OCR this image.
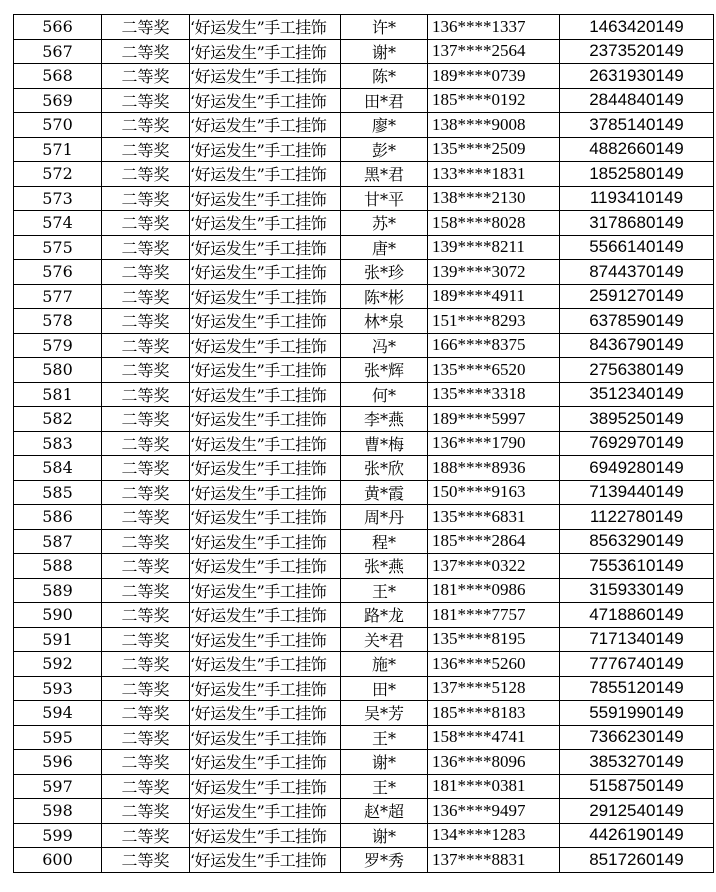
566	二等奖	‘好运发生”手工挂饰	许*	136****1337	1463420149
567	二等奖	‘好运发生”手工挂饰	谢*	137****2564	2373520149
568	二等奖	‘好运发生”手工挂饰	陈*	189****0739	2631930149
569	二等奖	‘好运发生”手工挂饰	田*君	185****0192	2844840149
570	二等奖	‘好运发生”手工挂饰	廖*	138****9008	3785140149
571	二等奖	‘好运发生”手工挂饰	彭*	135****2509	4882660149
572	二等奖	‘好运发生”手工挂饰	黑*君	133****1831	1852580149
573	二等奖	‘好运发生”手工挂饰	甘*平	138****2130	1193410149
574	二等奖	‘好运发生”手工挂饰	苏*	158****8028	3178680149
575	二等奖	‘好运发生”手工挂饰	唐*	139****8211	5566140149
576	二等奖	‘好运发生”手工挂饰	张*珍	139****3072	8744370149
577	二等奖	‘好运发生”手工挂饰	陈*彬	189****4911	2591270149
578	二等奖	‘好运发生”手工挂饰	林*泉	151****8293	6378590149
579	二等奖	‘好运发生”手工挂饰	冯*	166****8375	8436790149
580	二等奖	‘好运发生”手工挂饰	张*辉	135****6520	2756380149
581	二等奖	‘好运发生”手工挂饰	何*	135****3318	3512340149
582	二等奖	‘好运发生”手工挂饰	李*燕	189****5997	3895250149
583	二等奖	‘好运发生”手工挂饰	曹*梅	136****1790	7692970149
584	二等奖	‘好运发生”手工挂饰	张*欣	188****8936	6949280149
585	二等奖	‘好运发生”手工挂饰	黄*霞	150****9163	7139440149
586	二等奖	‘好运发生”手工挂饰	周*丹	135****6831	1122780149
587	二等奖	‘好运发生”手工挂饰	程*	185****2864	8563290149
588	二等奖	‘好运发生”手工挂饰	张*燕	137****0322	7553610149
589	二等奖	‘好运发生”手工挂饰	王*	181****0986	3159330149
590	二等奖	‘好运发生”手工挂饰	路*龙	181****7757	4718860149
591	二等奖	‘好运发生”手工挂饰	关*君	135****8195	7171340149
592	二等奖	‘好运发生”手工挂饰	施*	136****5260	7776740149
593	二等奖	‘好运发生”手工挂饰	田*	137****5128	7855120149
594	二等奖	‘好运发生”手工挂饰	吴*芳	185****8183	5591990149
595	二等奖	‘好运发生”手工挂饰	王*	158****4741	7366230149
596	二等奖	‘好运发生”手工挂饰	谢*	136****8096	3853270149
597	二等奖	‘好运发生”手工挂饰	王*	181****0381	5158750149
598	二等奖	‘好运发生”手工挂饰	赵*超	136****9497	2912540149
599	二等奖	‘好运发生”手工挂饰	谢*	134****1283	4426190149
600	二等奖	‘好运发生”手工挂饰	罗*秀	137****8831	8517260149
